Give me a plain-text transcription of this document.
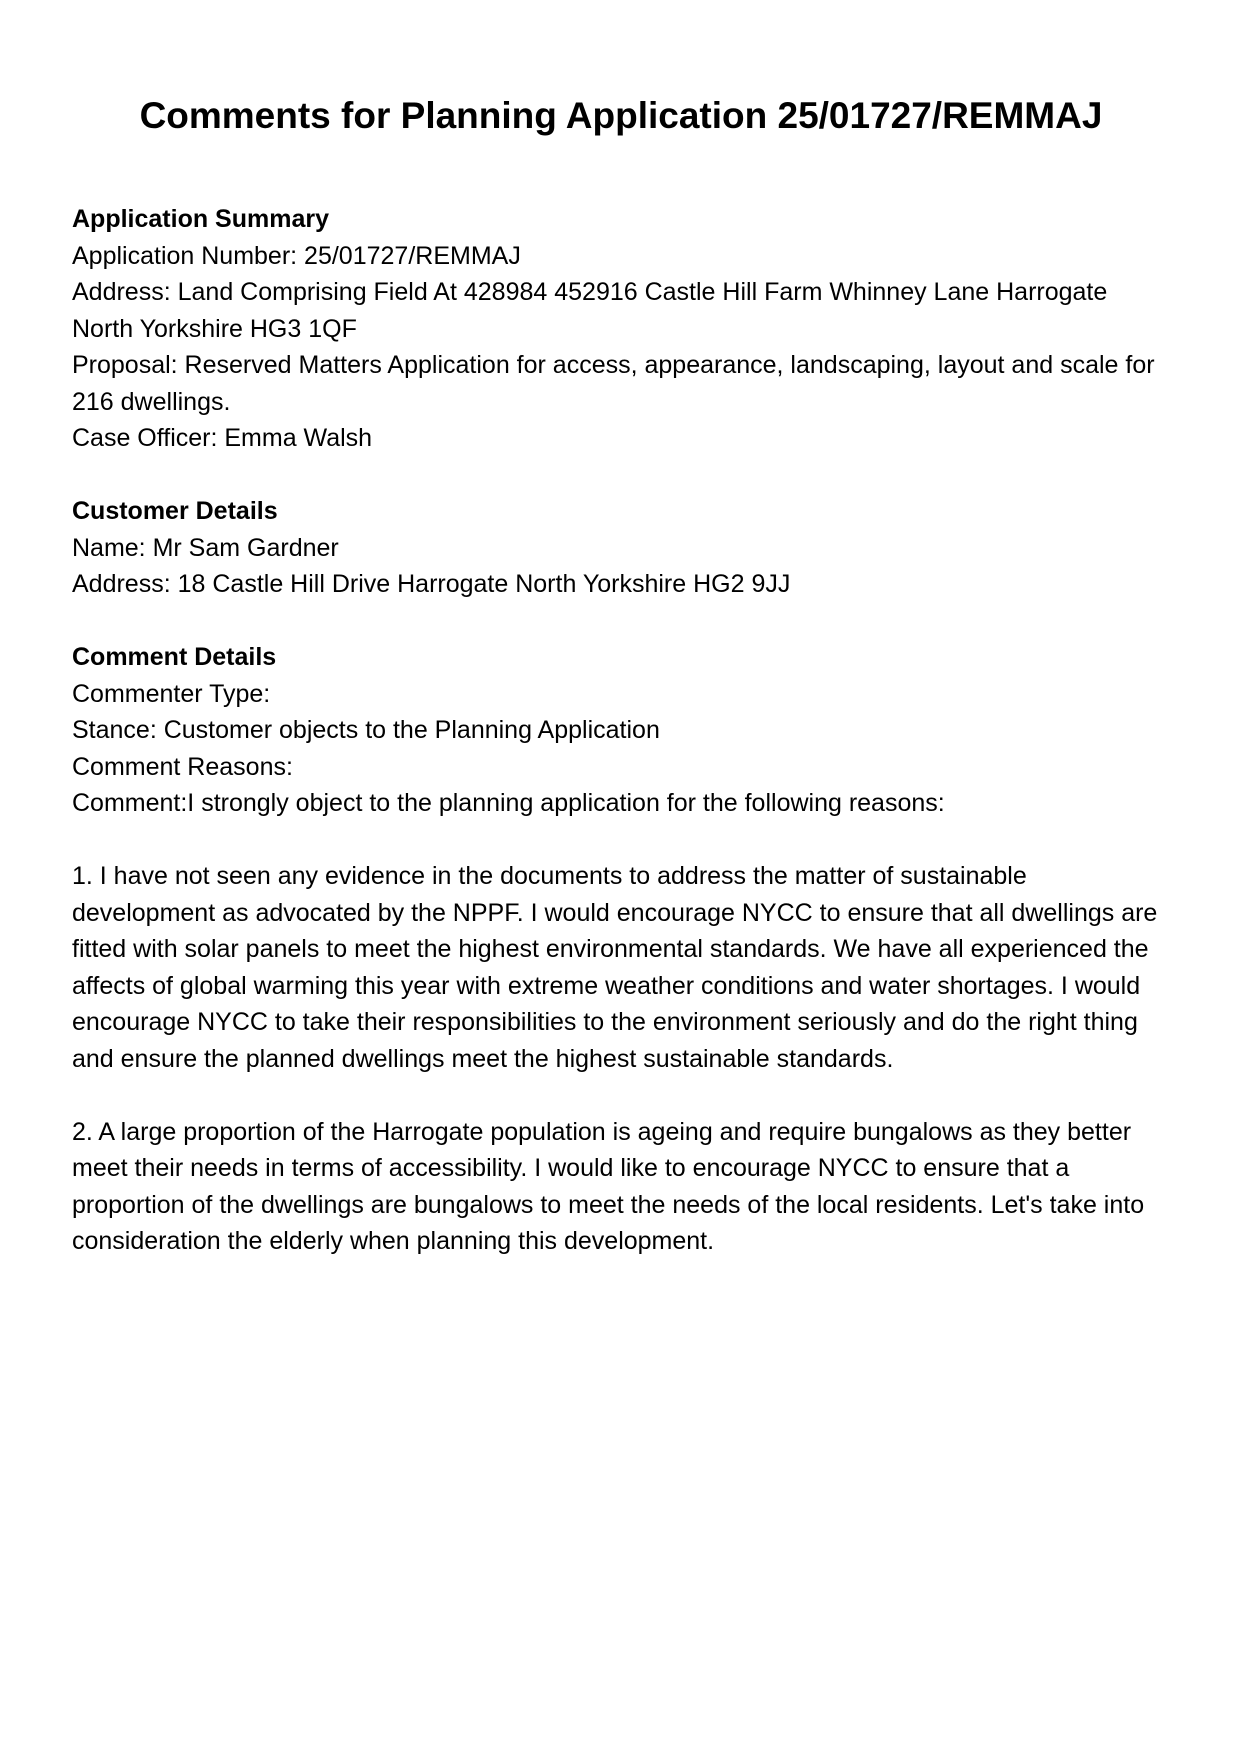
Comments for Planning Application 25/01727/REMMAJ
Application Summary

Application Number: 25/01727/REMMAJ

Address: Land Comprising Field At 428984 452916 Castle Hill Farm Whinney Lane Harrogate North Yorkshire HG3 1QF

Proposal: Reserved Matters Application for access, appearance, landscaping, layout and scale for 216 dwellings.

Case Officer: Emma Walsh

Customer Details

Name: Mr Sam Gardner

Address: 18 Castle Hill Drive Harrogate North Yorkshire HG2 9JJ

Comment Details

Commenter Type:

Stance: Customer objects to the Planning Application

Comment Reasons:

Comment:I strongly object to the planning application for the following reasons:

1. I have not seen any evidence in the documents to address the matter of sustainable development as advocated by the NPPF. I would encourage NYCC to ensure that all dwellings are fitted with solar panels to meet the highest environmental standards. We have all experienced the affects of global warming this year with extreme weather conditions and water shortages. I would encourage NYCC to take their responsibilities to the environment seriously and do the right thing and ensure the planned dwellings meet the highest sustainable standards.

2. A large proportion of the Harrogate population is ageing and require bungalows as they better meet their needs in terms of accessibility. I would like to encourage NYCC to ensure that a proportion of the dwellings are bungalows to meet the needs of the local residents. Let's take into consideration the elderly when planning this development.
